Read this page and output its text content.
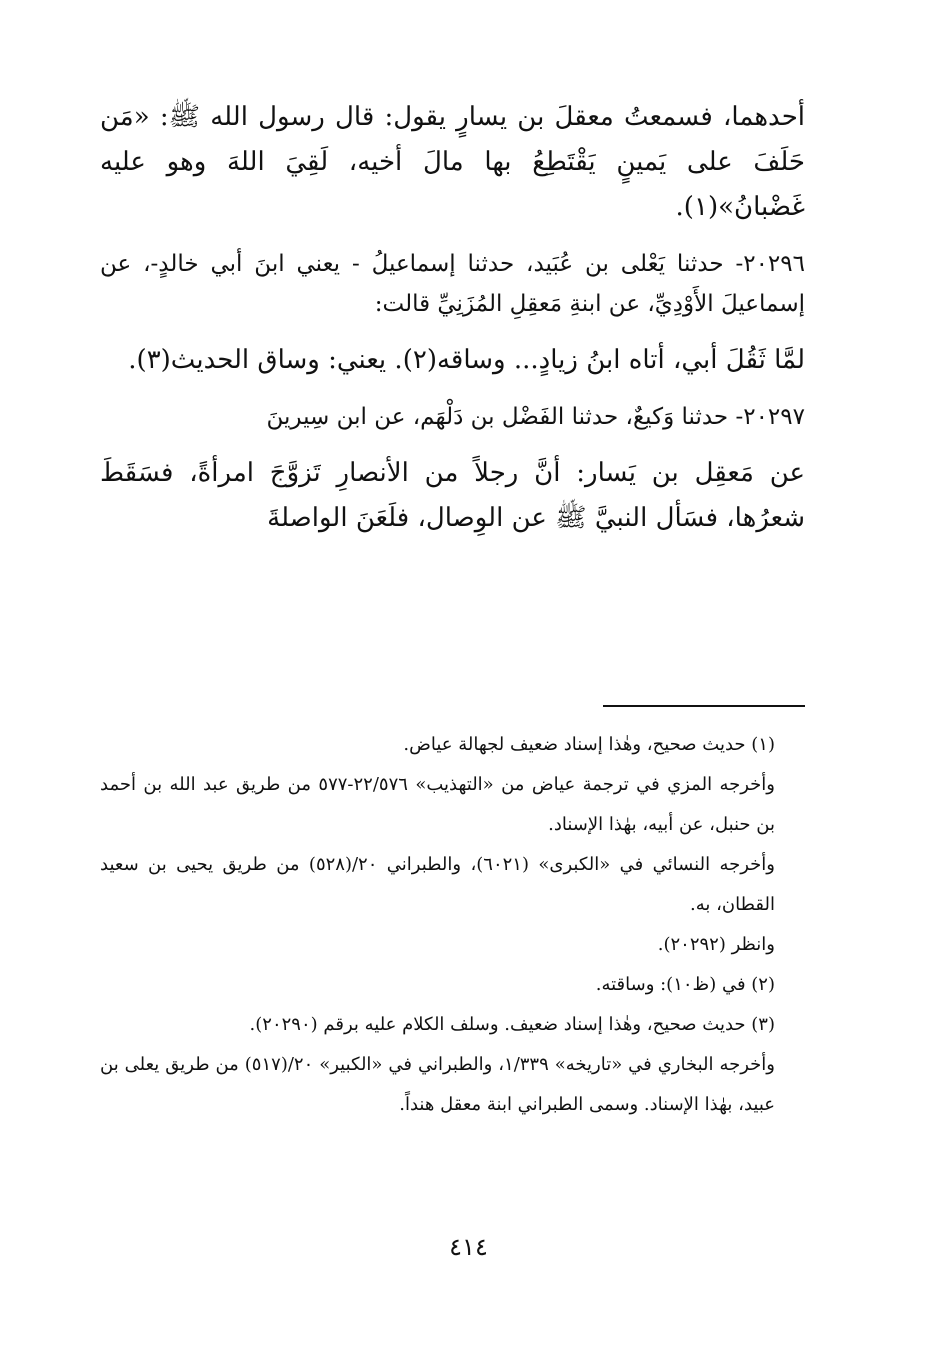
أحدهما، فسمعتُ معقلَ بن يسارٍ يقول: قال رسول الله ﷺ: «مَن حَلَفَ على يَمينٍ يَقْتَطِعُ بها مالَ أخيه، لَقِيَ اللهَ وهو عليه غَضْبانُ»(١).

٢٠٢٩٦- حدثنا يَعْلى بن عُبَيد، حدثنا إسماعيلُ - يعني ابنَ أبي خالدٍ-، عن إسماعيلَ الأَوْدِيِّ، عن ابنةِ مَعقِلِ المُزَنِيِّ قالت:

لمَّا ثَقُلَ أبي، أتاه ابنُ زيادٍ... وساقه(٢). يعني: وساق الحديث(٣).

٢٠٢٩٧- حدثنا وَكيعٌ، حدثنا الفَضْل بن دَلْهَم، عن ابن سِيرينَ

عن مَعقِل بن يَسار: أنَّ رجلاً من الأنصارِ تَزوَّجَ امرأةً، فسَقَطَ شعرُها، فسَأل النبيَّ ﷺ عن الوِصال، فلَعَنَ الواصلةَ

(١) حديث صحيح، وهٰذا إسناد ضعيف لجهالة عياض.

وأخرجه المزي في ترجمة عياض من «التهذيب» ٢٢/٥٧٦-٥٧٧ من طريق عبد الله بن أحمد بن حنبل، عن أبيه، بهٰذا الإسناد.

وأخرجه النسائي في «الكبرى» (٦٠٢١)، والطبراني ٢٠/(٥٢٨) من طريق يحيى بن سعيد القطان، به.

وانظر (٢٠٢٩٢).

(٢) في (ظ١٠): وساقته.

(٣) حديث صحيح، وهٰذا إسناد ضعيف. وسلف الكلام عليه برقم (٢٠٢٩٠).

وأخرجه البخاري في «تاريخه» ١/٣٣٩، والطبراني في «الكبير» ٢٠/(٥١٧) من طريق يعلى بن عبيد، بهٰذا الإسناد. وسمى الطبراني ابنة معقل هنداً.

٤١٤
